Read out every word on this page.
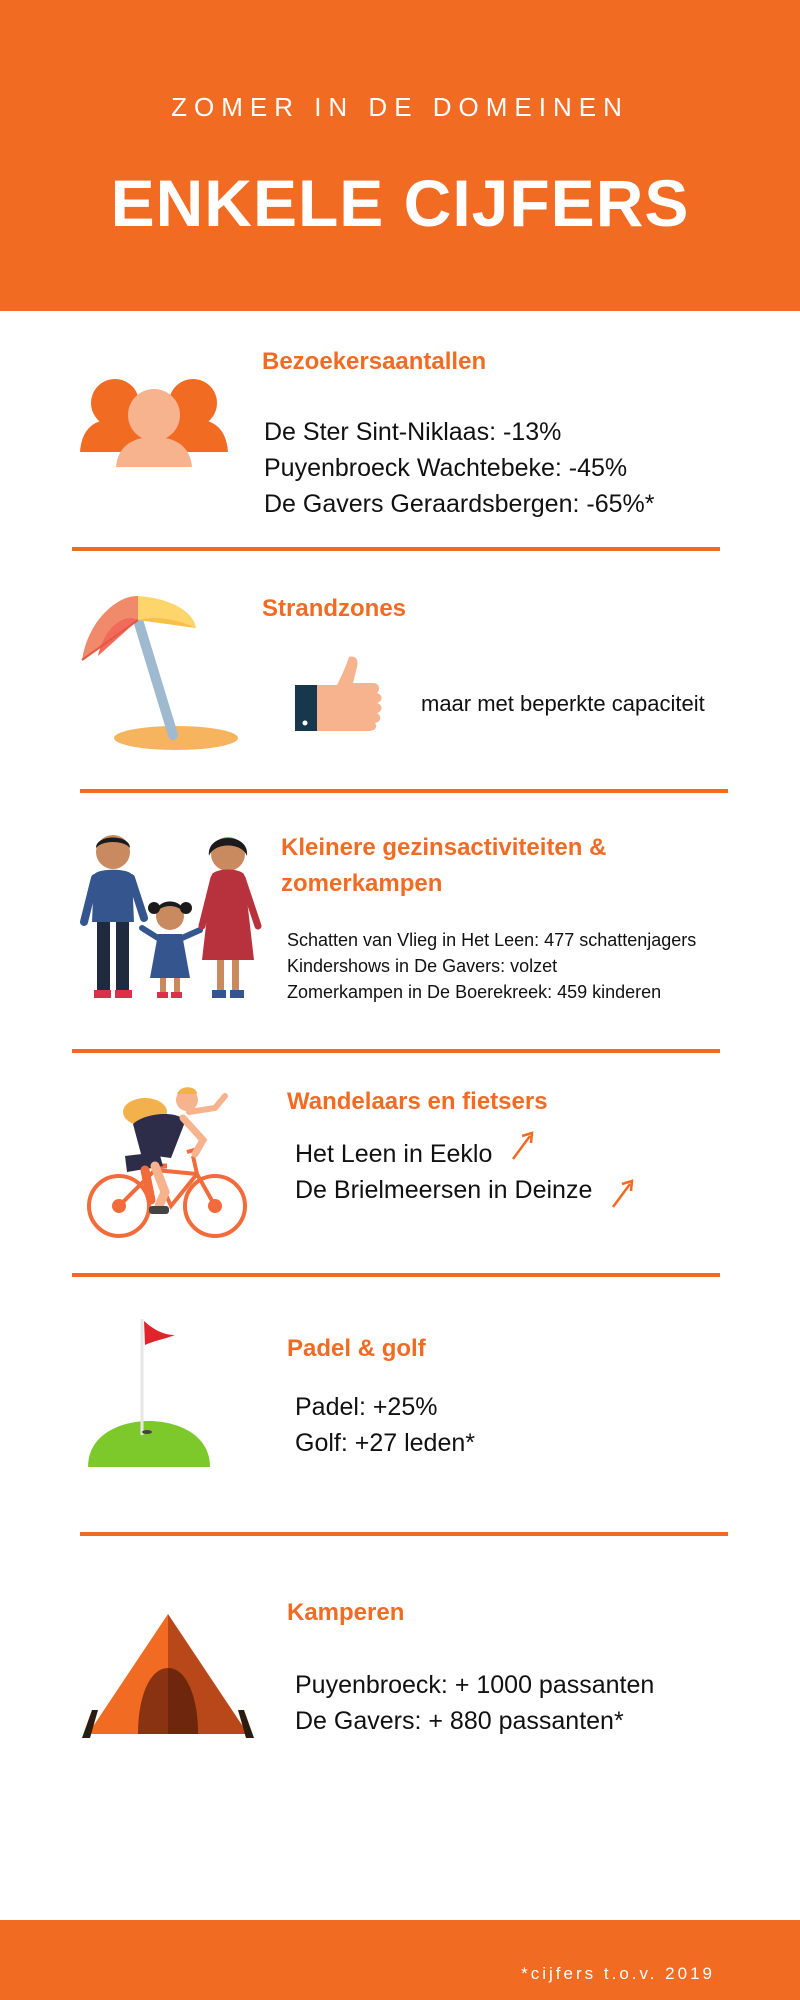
ZOMER IN DE DOMEINEN
ENKELE CIJFERS
Bezoekersaantallen
De Ster Sint-Niklaas: -13%
Puyenbroeck Wachtebeke: -45%
De Gavers Geraardsbergen: -65%*
Strandzones
maar met beperkte capaciteit
Kleinere gezinsactiviteiten & zomerkampen
Schatten van Vlieg in Het Leen: 477 schattenjagers
Kindershows in De Gavers: volzet
Zomerkampen in De Boerekreek: 459 kinderen
Wandelaars en fietsers
Het Leen in Eeklo
De Brielmeersen in Deinze
Padel & golf
Padel: +25%
Golf: +27 leden*
Kamperen
Puyenbroeck: + 1000 passanten
De Gavers: + 880 passanten*
*cijfers t.o.v. 2019
